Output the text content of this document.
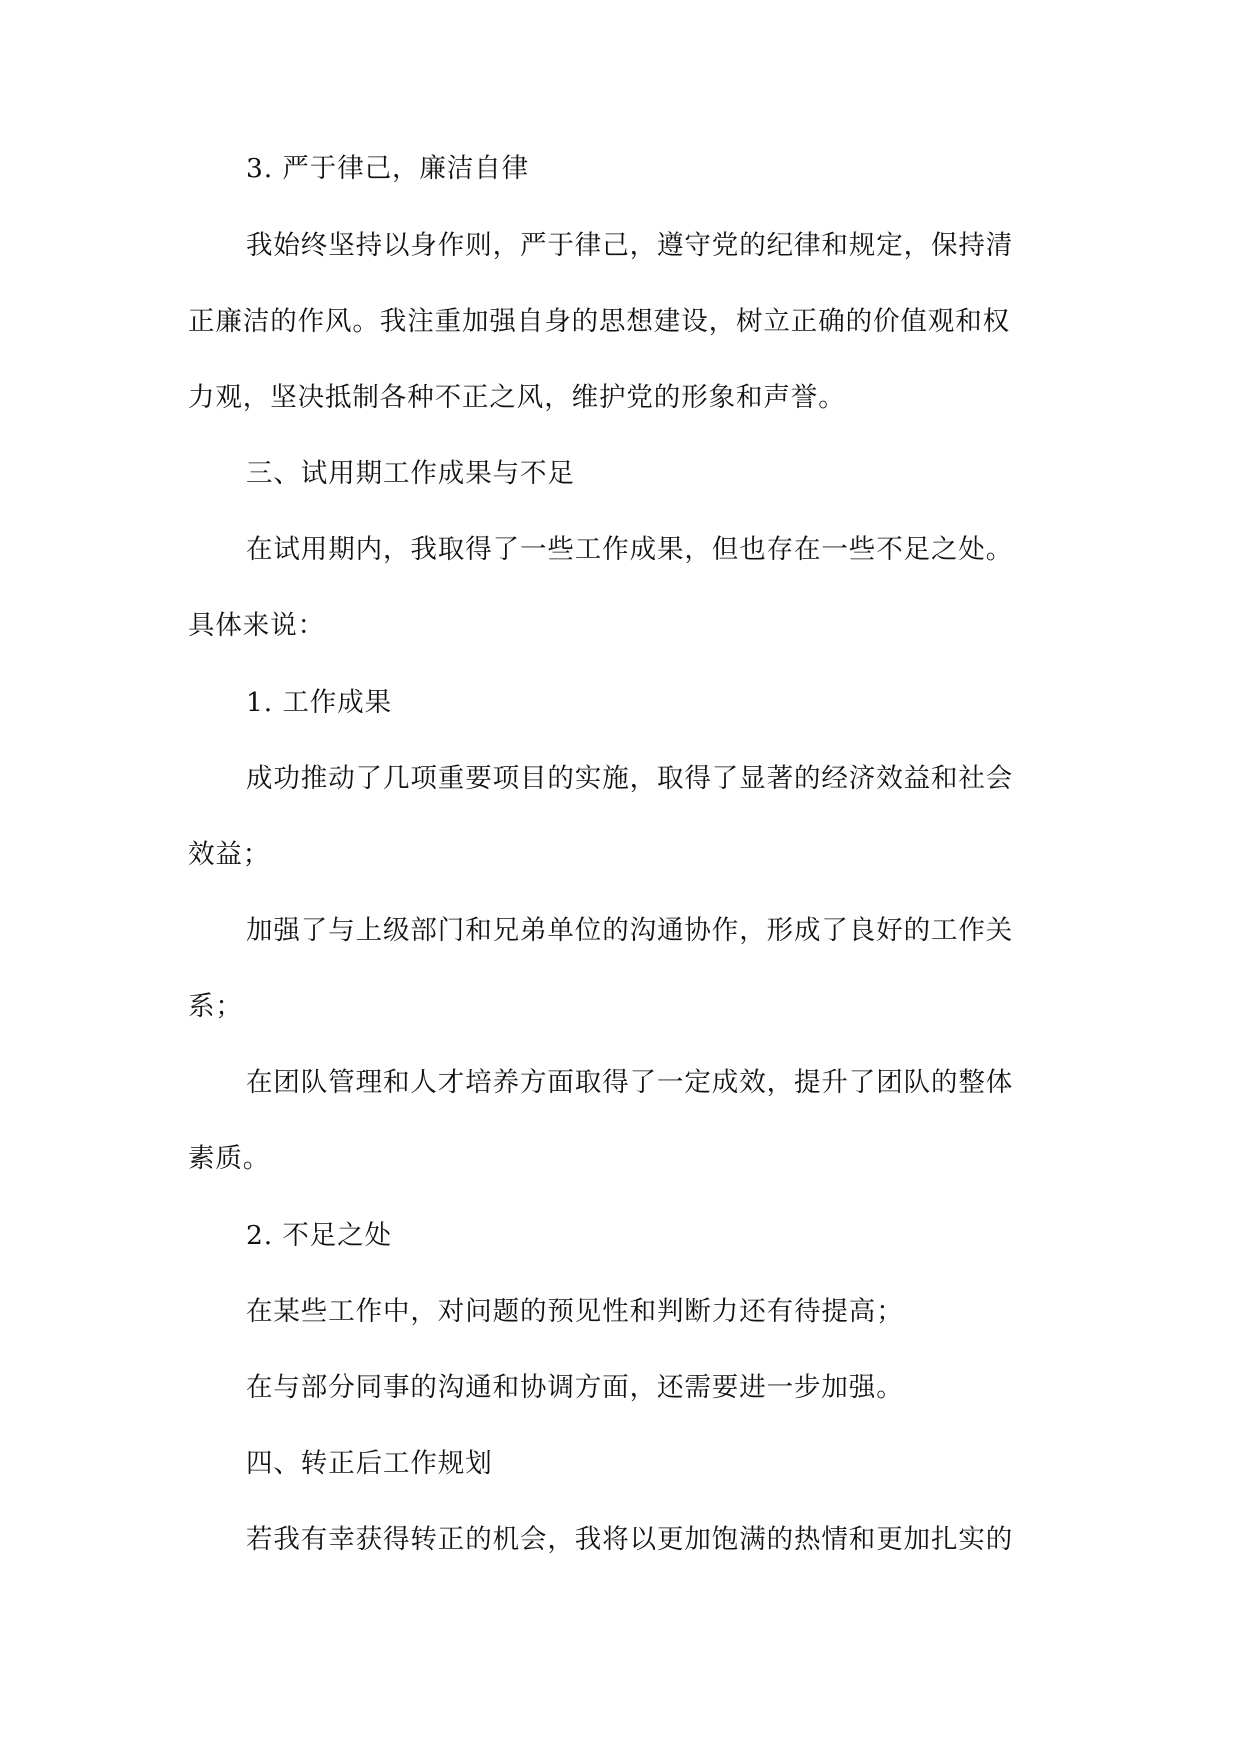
3. 严于律己，廉洁自律
我始终坚持以身作则，严于律己，遵守党的纪律和规定，保持清
正廉洁的作风。我注重加强自身的思想建设，树立正确的价值观和权
力观，坚决抵制各种不正之风，维护党的形象和声誉。
三、试用期工作成果与不足
在试用期内，我取得了一些工作成果，但也存在一些不足之处。
具体来说：
1. 工作成果
成功推动了几项重要项目的实施，取得了显著的经济效益和社会
效益；
加强了与上级部门和兄弟单位的沟通协作，形成了良好的工作关
系；
在团队管理和人才培养方面取得了一定成效，提升了团队的整体
素质。
2. 不足之处
在某些工作中，对问题的预见性和判断力还有待提高；
在与部分同事的沟通和协调方面，还需要进一步加强。
四、转正后工作规划
若我有幸获得转正的机会，我将以更加饱满的热情和更加扎实的
